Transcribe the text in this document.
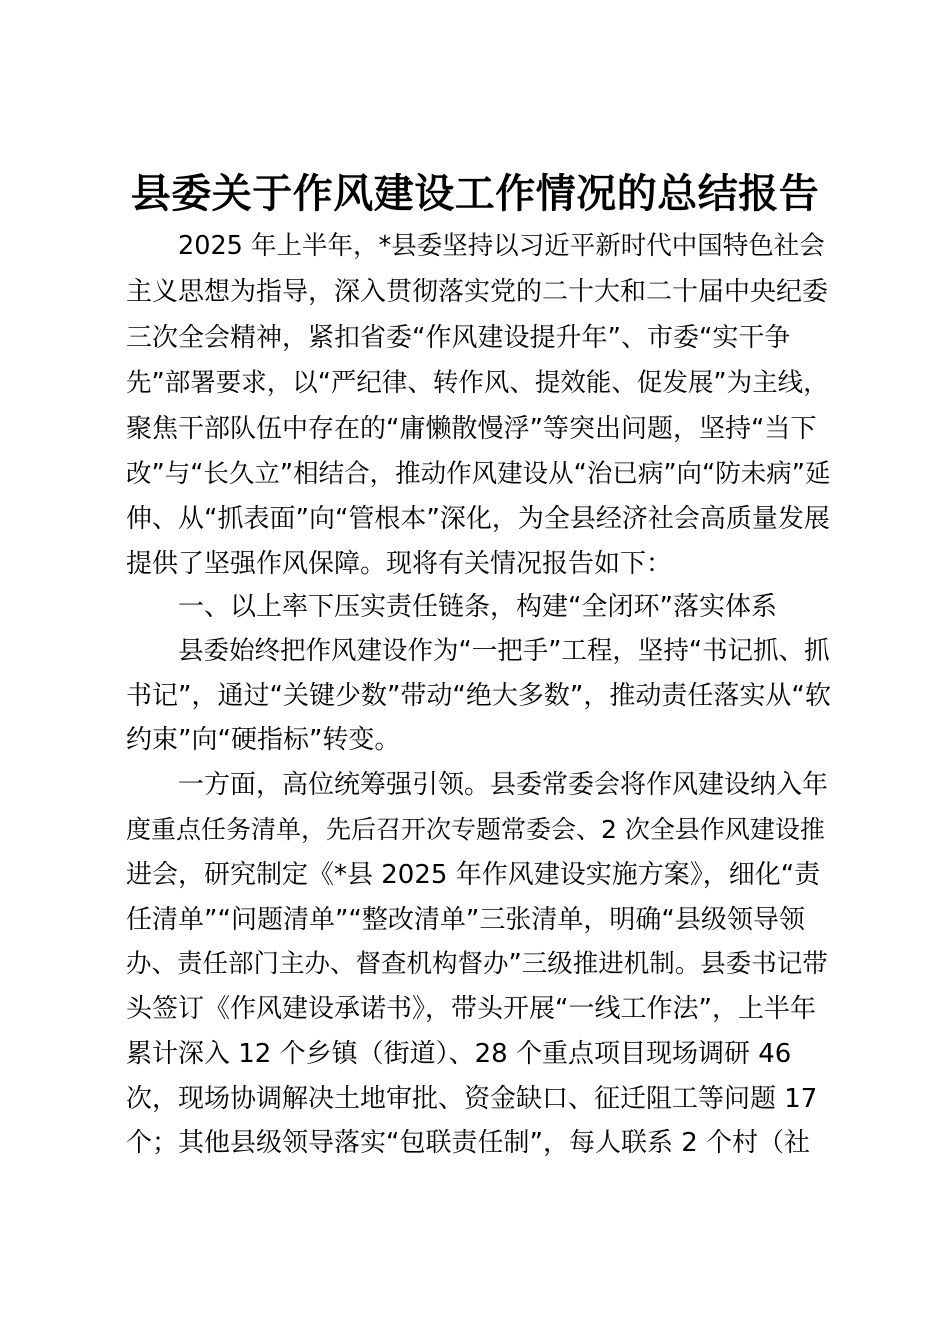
县委关于作风建设工作情况的总结报告
2025 年上半年，*县委坚持以习近平新时代中国特色社会
主义思想为指导，深入贯彻落实党的二十大和二十届中央纪委
三次全会精神，紧扣省委“作风建设提升年”、市委“实干争
先”部署要求，以“严纪律、转作风、提效能、促发展”为主线，
聚焦干部队伍中存在的“庸懒散慢浮”等突出问题，坚持“当下
改”与“长久立”相结合，推动作风建设从“治已病”向“防未病”延
伸、从“抓表面”向“管根本”深化，为全县经济社会高质量发展
提供了坚强作风保障。现将有关情况报告如下：
一、以上率下压实责任链条，构建“全闭环”落实体系
县委始终把作风建设作为“一把手”工程，坚持“书记抓、抓
书记”，通过“关键少数”带动“绝大多数”，推动责任落实从“软
约束”向“硬指标”转变。
一方面，高位统筹强引领。县委常委会将作风建设纳入年
度重点任务清单，先后召开次专题常委会、2 次全县作风建设推
进会，研究制定《*县 2025 年作风建设实施方案》，细化“责
任清单”“问题清单”“整改清单”三张清单，明确“县级领导领
办、责任部门主办、督查机构督办”三级推进机制。县委书记带
头签订《作风建设承诺书》，带头开展“一线工作法”，上半年
累计深入 12 个乡镇（街道）、28 个重点项目现场调研 46
次，现场协调解决土地审批、资金缺口、征迁阻工等问题 17
个；其他县级领导落实“包联责任制”，每人联系 2 个村（社
